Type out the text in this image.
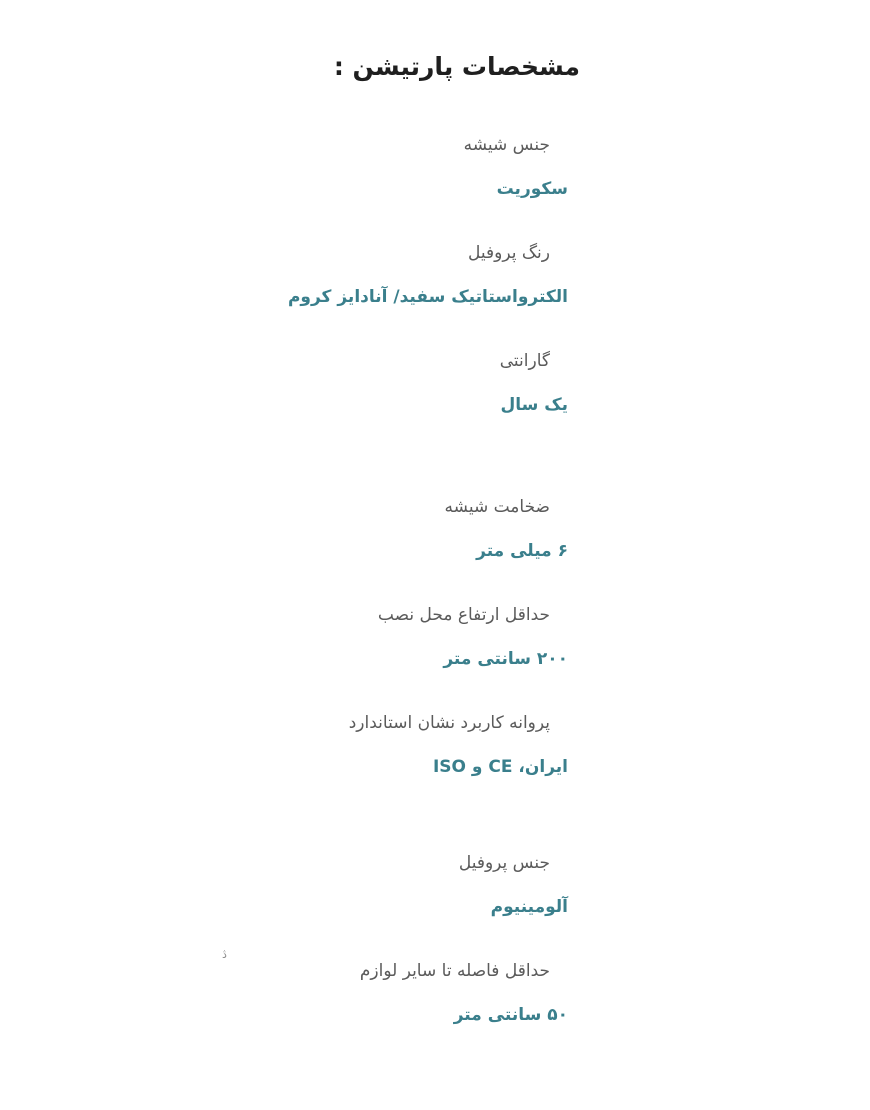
مشخصات پارتیشن :
جنس شیشه
سکوریت
رنگ پروفیل
الکترواستاتیک سفید/ آنادایز کروم
گارانتی
یک سال
ضخامت شیشه
۶ میلی متر
حداقل ارتفاع محل نصب
۲۰۰ سانتی متر
پروانه کاربرد نشان استاندارد
ایران، CE و ISO
جنس پروفیل
آلومینیوم
حداقل فاصله تا سایر لوازم
۵۰ سانتی متر
ڎ
